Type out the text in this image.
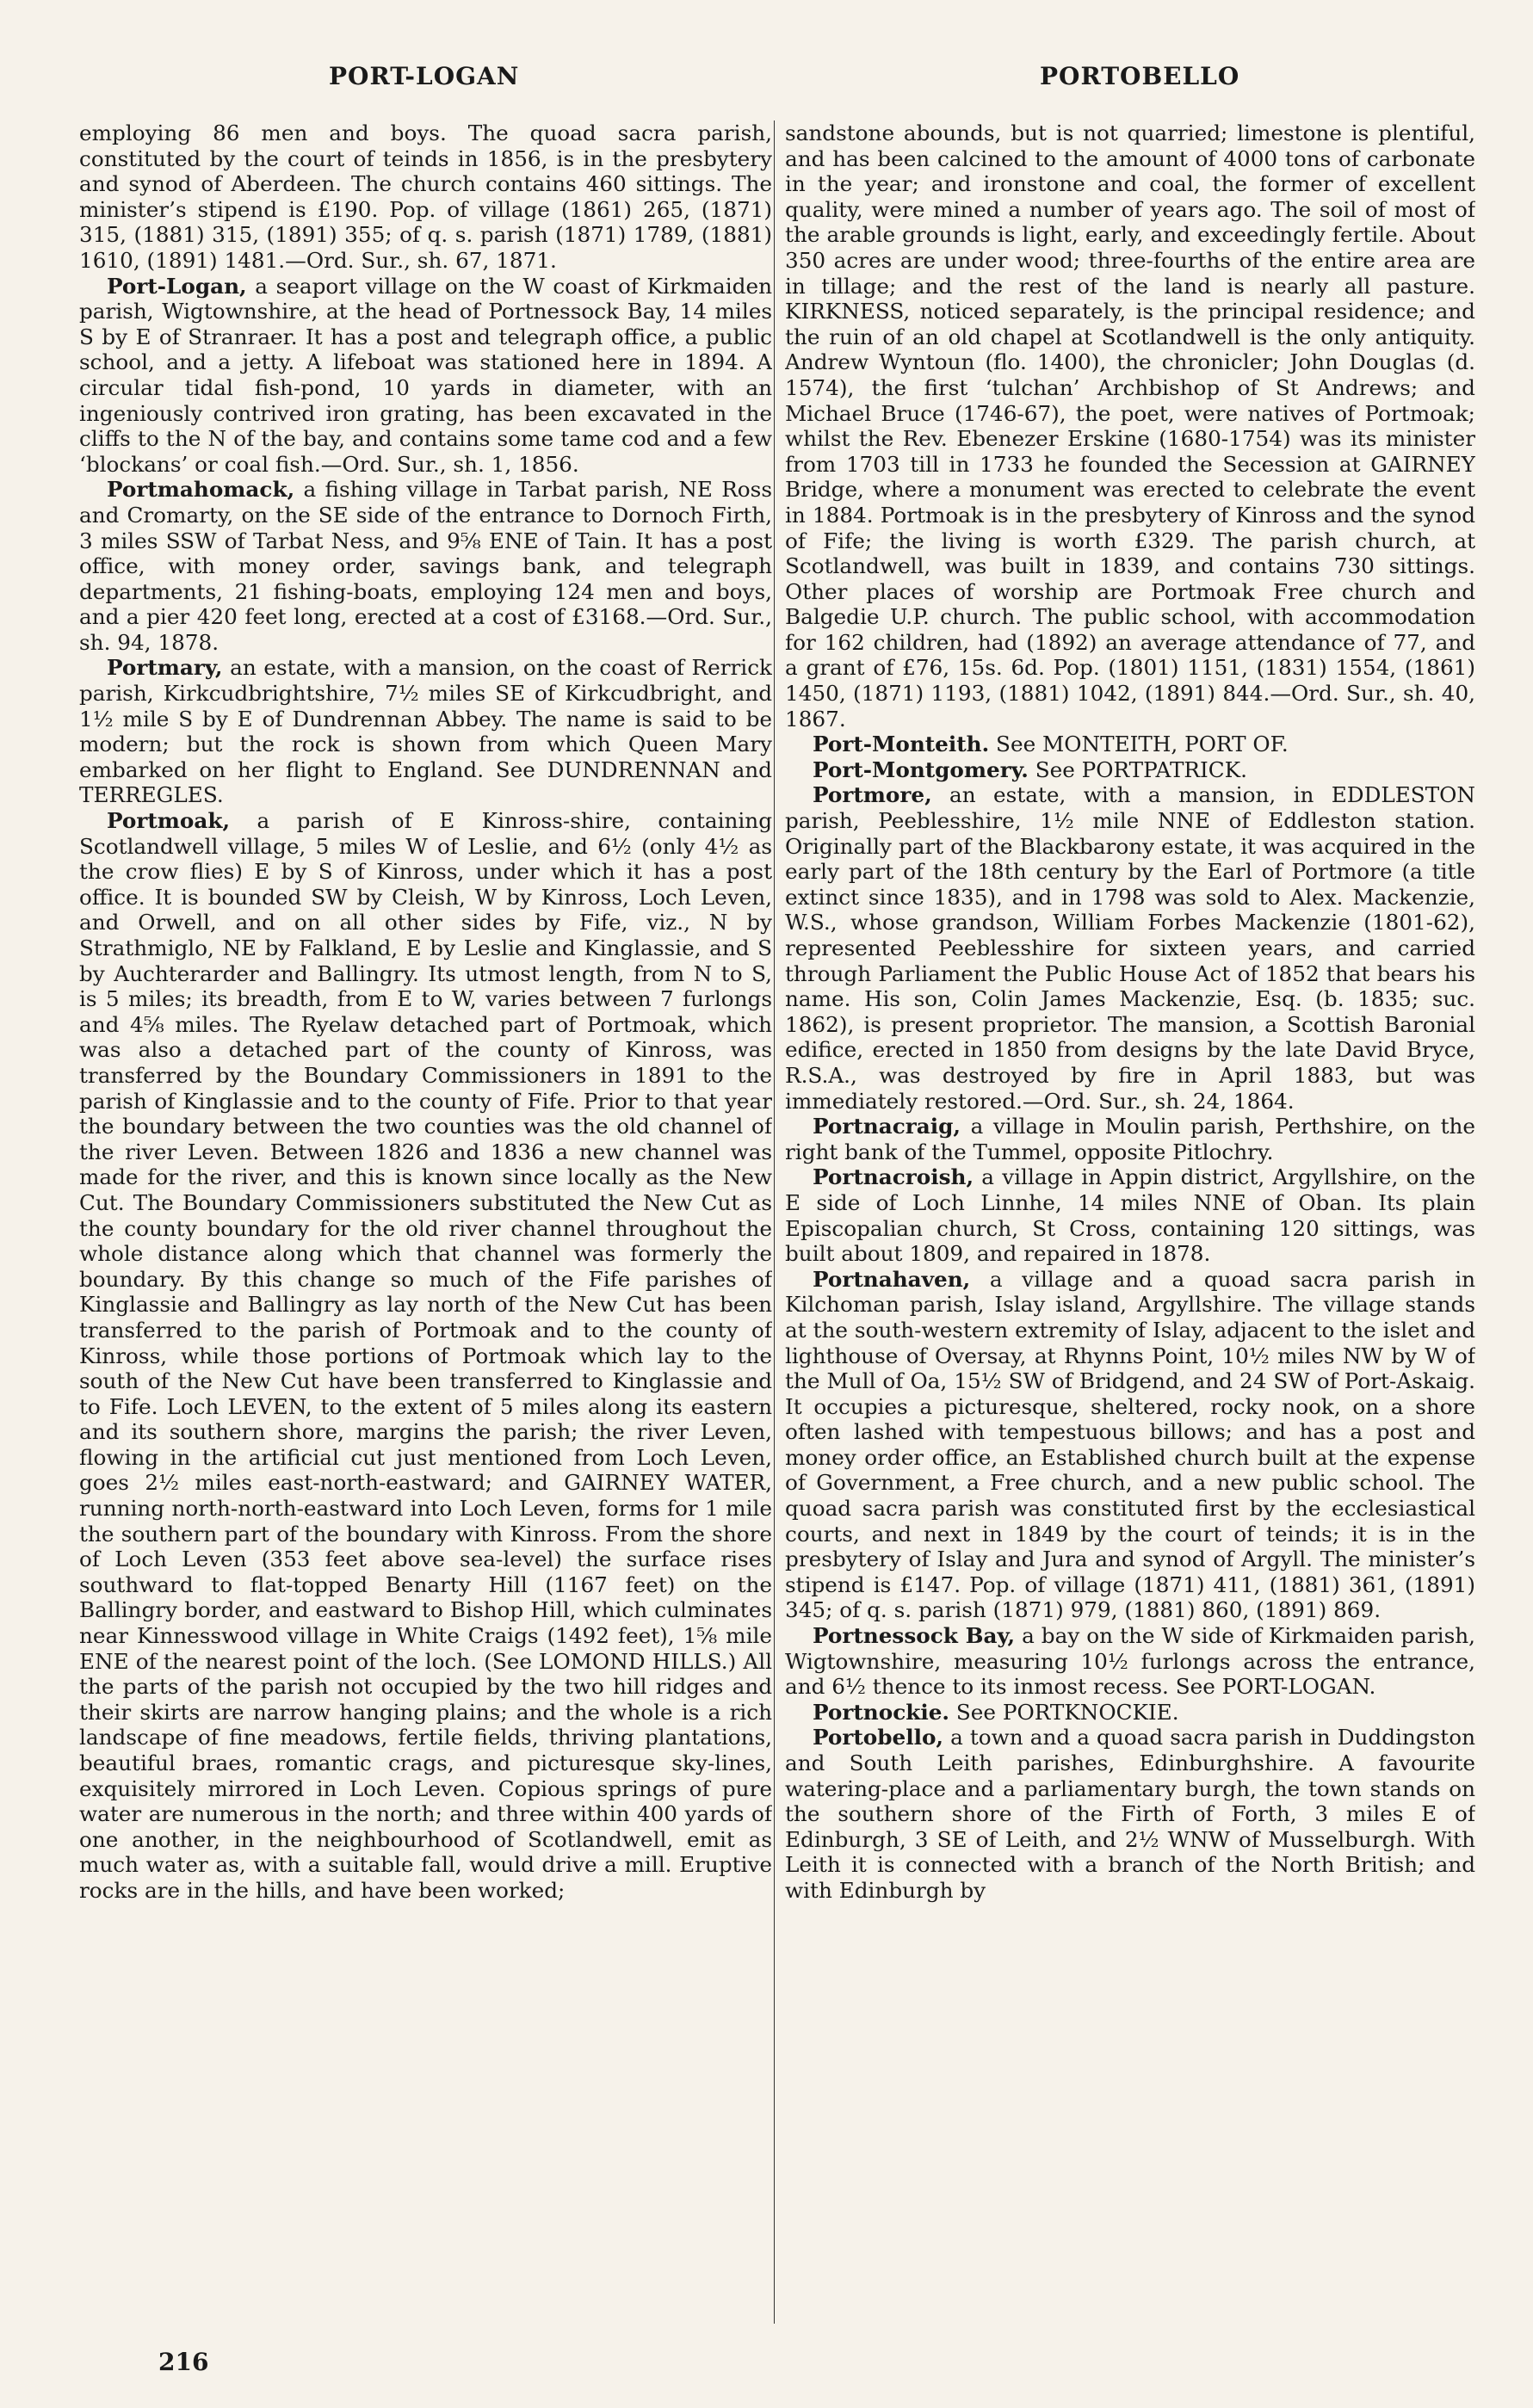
PORT-LOGAN	PORTOBELLO

employing 86 men and boys. The quoad sacra parish, constituted by the court of teinds in 1856, is in the presbytery and synod of Aberdeen. The church contains 460 sittings. The minister’s stipend is £190. Pop. of village (1861) 265, (1871) 315, (1881) 315, (1891) 355; of q. s. parish (1871) 1789, (1881) 1610, (1891) 1481.—Ord. Sur., sh. 67, 1871.

Port-Logan, a seaport village on the W coast of Kirkmaiden parish, Wigtownshire, at the head of Portnessock Bay, 14 miles S by E of Stranraer. It has a post and telegraph office, a public school, and a jetty. A lifeboat was stationed here in 1894. A circular tidal fish-pond, 10 yards in diameter, with an ingeniously contrived iron grating, has been excavated in the cliffs to the N of the bay, and contains some tame cod and a few ‘blockans’ or coal fish.—Ord. Sur., sh. 1, 1856.

Portmahomack, a fishing village in Tarbat parish, NE Ross and Cromarty, on the SE side of the entrance to Dornoch Firth, 3 miles SSW of Tarbat Ness, and 9⅝ ENE of Tain. It has a post office, with money order, savings bank, and telegraph departments, 21 fishing-boats, employing 124 men and boys, and a pier 420 feet long, erected at a cost of £3168.—Ord. Sur., sh. 94, 1878.

Portmary, an estate, with a mansion, on the coast of Rerrick parish, Kirkcudbrightshire, 7½ miles SE of Kirkcudbright, and 1½ mile S by E of Dundrennan Abbey. The name is said to be modern; but the rock is shown from which Queen Mary embarked on her flight to England. See DUNDRENNAN and TERREGLES.

Portmoak, a parish of E Kinross-shire, containing Scotlandwell village, 5 miles W of Leslie, and 6½ (only 4½ as the crow flies) E by S of Kinross, under which it has a post office. It is bounded SW by Cleish, W by Kinross, Loch Leven, and Orwell, and on all other sides by Fife, viz., N by Strathmiglo, NE by Falkland, E by Leslie and Kinglassie, and S by Auchterarder and Ballingry. Its utmost length, from N to S, is 5 miles; its breadth, from E to W, varies between 7 furlongs and 4⅝ miles. The Ryelaw detached part of Portmoak, which was also a detached part of the county of Kinross, was transferred by the Boundary Commissioners in 1891 to the parish of Kinglassie and to the county of Fife. Prior to that year the boundary between the two counties was the old channel of the river Leven. Between 1826 and 1836 a new channel was made for the river, and this is known since locally as the New Cut. The Boundary Commissioners substituted the New Cut as the county boundary for the old river channel throughout the whole distance along which that channel was formerly the boundary. By this change so much of the Fife parishes of Kinglassie and Ballingry as lay north of the New Cut has been transferred to the parish of Portmoak and to the county of Kinross, while those portions of Portmoak which lay to the south of the New Cut have been transferred to Kinglassie and to Fife. Loch LEVEN, to the extent of 5 miles along its eastern and its southern shore, margins the parish; the river Leven, flowing in the artificial cut just mentioned from Loch Leven, goes 2½ miles east-north-eastward; and GAIRNEY WATER, running north-north-eastward into Loch Leven, forms for 1 mile the southern part of the boundary with Kinross. From the shore of Loch Leven (353 feet above sea-level) the surface rises southward to flat-topped Benarty Hill (1167 feet) on the Ballingry border, and eastward to Bishop Hill, which culminates near Kinnesswood village in White Craigs (1492 feet), 1⅝ mile ENE of the nearest point of the loch. (See LOMOND HILLS.) All the parts of the parish not occupied by the two hill ridges and their skirts are narrow hanging plains; and the whole is a rich landscape of fine meadows, fertile fields, thriving plantations, beautiful braes, romantic crags, and picturesque sky-lines, exquisitely mirrored in Loch Leven. Copious springs of pure water are numerous in the north; and three within 400 yards of one another, in the neighbourhood of Scotlandwell, emit as much water as, with a suitable fall, would drive a mill. Eruptive rocks are in the hills, and have been worked;

sandstone abounds, but is not quarried; limestone is plentiful, and has been calcined to the amount of 4000 tons of carbonate in the year; and ironstone and coal, the former of excellent quality, were mined a number of years ago. The soil of most of the arable grounds is light, early, and exceedingly fertile. About 350 acres are under wood; three-fourths of the entire area are in tillage; and the rest of the land is nearly all pasture. KIRKNESS, noticed separately, is the principal residence; and the ruin of an old chapel at Scotlandwell is the only antiquity. Andrew Wyntoun (flo. 1400), the chronicler; John Douglas (d. 1574), the first ‘tulchan’ Archbishop of St Andrews; and Michael Bruce (1746-67), the poet, were natives of Portmoak; whilst the Rev. Ebenezer Erskine (1680-1754) was its minister from 1703 till in 1733 he founded the Secession at GAIRNEY Bridge, where a monument was erected to celebrate the event in 1884. Portmoak is in the presbytery of Kinross and the synod of Fife; the living is worth £329. The parish church, at Scotlandwell, was built in 1839, and contains 730 sittings. Other places of worship are Portmoak Free church and Balgedie U.P. church. The public school, with accommodation for 162 children, had (1892) an average attendance of 77, and a grant of £76, 15s. 6d. Pop. (1801) 1151, (1831) 1554, (1861) 1450, (1871) 1193, (1881) 1042, (1891) 844.—Ord. Sur., sh. 40, 1867.

Port-Monteith. See MONTEITH, PORT OF.

Port-Montgomery. See PORTPATRICK.

Portmore, an estate, with a mansion, in EDDLESTON parish, Peeblesshire, 1½ mile NNE of Eddleston station. Originally part of the Blackbarony estate, it was acquired in the early part of the 18th century by the Earl of Portmore (a title extinct since 1835), and in 1798 was sold to Alex. Mackenzie, W.S., whose grandson, William Forbes Mackenzie (1801-62), represented Peeblesshire for sixteen years, and carried through Parliament the Public House Act of 1852 that bears his name. His son, Colin James Mackenzie, Esq. (b. 1835; suc. 1862), is present proprietor. The mansion, a Scottish Baronial edifice, erected in 1850 from designs by the late David Bryce, R.S.A., was destroyed by fire in April 1883, but was immediately restored.—Ord. Sur., sh. 24, 1864.

Portnacraig, a village in Moulin parish, Perthshire, on the right bank of the Tummel, opposite Pitlochry.

Portnacroish, a village in Appin district, Argyllshire, on the E side of Loch Linnhe, 14 miles NNE of Oban. Its plain Episcopalian church, St Cross, containing 120 sittings, was built about 1809, and repaired in 1878.

Portnahaven, a village and a quoad sacra parish in Kilchoman parish, Islay island, Argyllshire. The village stands at the south-western extremity of Islay, adjacent to the islet and lighthouse of Oversay, at Rhynns Point, 10½ miles NW by W of the Mull of Oa, 15½ SW of Bridgend, and 24 SW of Port-Askaig. It occupies a picturesque, sheltered, rocky nook, on a shore often lashed with tempestuous billows; and has a post and money order office, an Established church built at the expense of Government, a Free church, and a new public school. The quoad sacra parish was constituted first by the ecclesiastical courts, and next in 1849 by the court of teinds; it is in the presbytery of Islay and Jura and synod of Argyll. The minister’s stipend is £147. Pop. of village (1871) 411, (1881) 361, (1891) 345; of q. s. parish (1871) 979, (1881) 860, (1891) 869.

Portnessock Bay, a bay on the W side of Kirkmaiden parish, Wigtownshire, measuring 10½ furlongs across the entrance, and 6½ thence to its inmost recess. See PORT-LOGAN.

Portnockie. See PORTKNOCKIE.

Portobello, a town and a quoad sacra parish in Duddingston and South Leith parishes, Edinburghshire. A favourite watering-place and a parliamentary burgh, the town stands on the southern shore of the Firth of Forth, 3 miles E of Edinburgh, 3 SE of Leith, and 2½ WNW of Musselburgh. With Leith it is connected with a branch of the North British; and with Edinburgh by

216
